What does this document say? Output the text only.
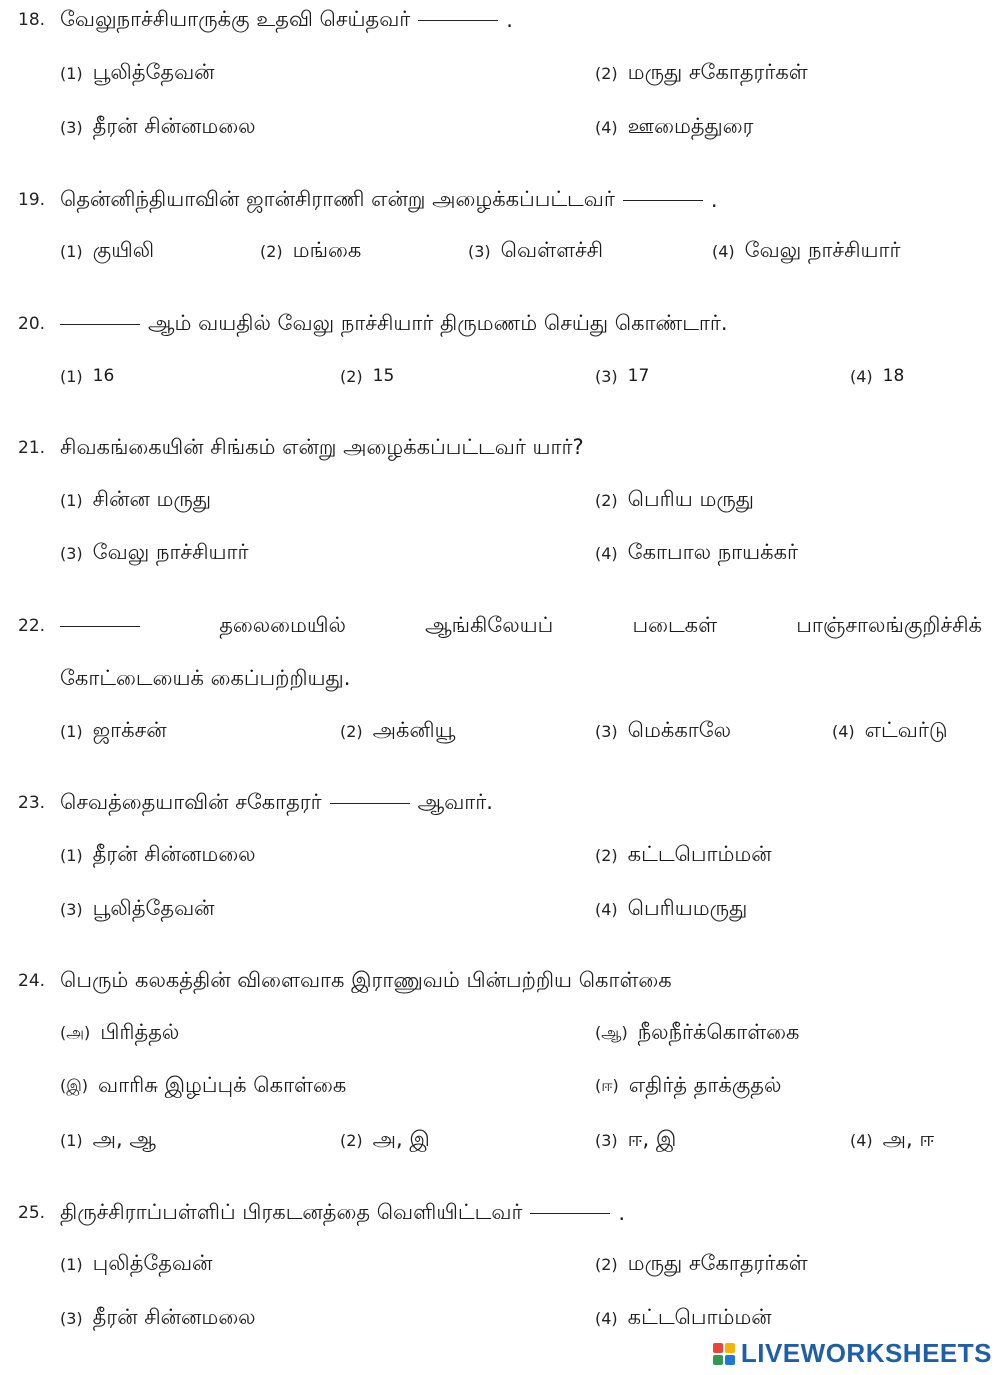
18. வேலுநாச்சியாருக்கு உதவி செய்தவர்	.
(1) பூலித்தேவன்	(2) மருது சகோதரர்கள்
(3) தீரன் சின்னமலை	(4) ஊமைத்துரை
19. தென்னிந்தியாவின் ஜான்சிராணி என்று அழைக்கப்பட்டவர்	.
(1) குயிலி	(2) மங்கை	(3) வெள்ளச்சி	(4) வேலு நாச்சியார்
20.	ஆம் வயதில் வேலு நாச்சியார் திருமணம் செய்து கொண்டார்.
(1) 16	(2) 15	(3) 17	(4) 18
21. சிவகங்கையின் சிங்கம் என்று அழைக்கப்பட்டவர் யார்?
(1) சின்ன மருது	(2) பெரிய மருது
(3) வேலு நாச்சியார்	(4) கோபால நாயக்கர்
22.	தலைமையில்	ஆங்கிலேயப்	படைகள்	பாஞ்சாலங்குறிச்சிக்
கோட்டையைக் கைப்பற்றியது.
(1) ஜாக்சன்	(2) அக்னியூ	(3) மெக்காலே	(4) எட்வர்டு
23. செவத்தையாவின் சகோதரர்	ஆவார்.
(1) தீரன் சின்னமலை	(2) கட்டபொம்மன்
(3) பூலித்தேவன்	(4) பெரியமருது
24. பெரும் கலகத்தின் விளைவாக இராணுவம் பின்பற்றிய கொள்கை
(அ) பிரித்தல்	(ஆ) நீலநீர்க்கொள்கை
(இ) வாரிசு இழப்புக் கொள்கை	(ஈ) எதிர்த் தாக்குதல்
(1) அ, ஆ	(2) அ, இ	(3) ஈ, இ	(4) அ, ஈ
25. திருச்சிராப்பள்ளிப் பிரகடனத்தை வெளியிட்டவர்	.
(1) புலித்தேவன்	(2) மருது சகோதரர்கள்
(3) தீரன் சின்னமலை	(4) கட்டபொம்மன்
LIVEWORKSHEETS
